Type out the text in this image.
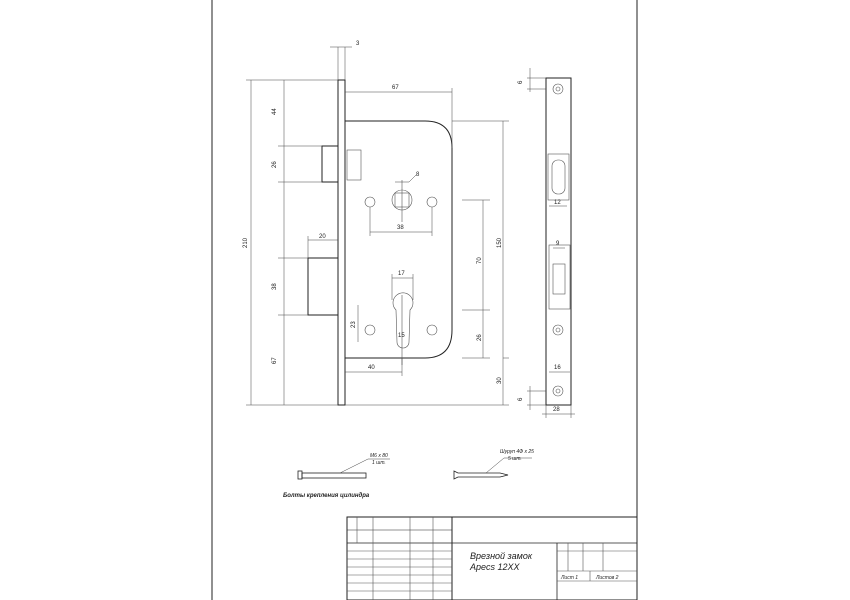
3
67
44
26
38
67
210
20
8
38
17
23
15
40
70
26
150
30
6
12
9
16
6
28
M6 x 80
1 шт.
Болты крепления цилиндра
Шуруп 4Ф x 25
5 шт.
Врезной замок
Apecs 12XX
Лист 1	Листов 2
